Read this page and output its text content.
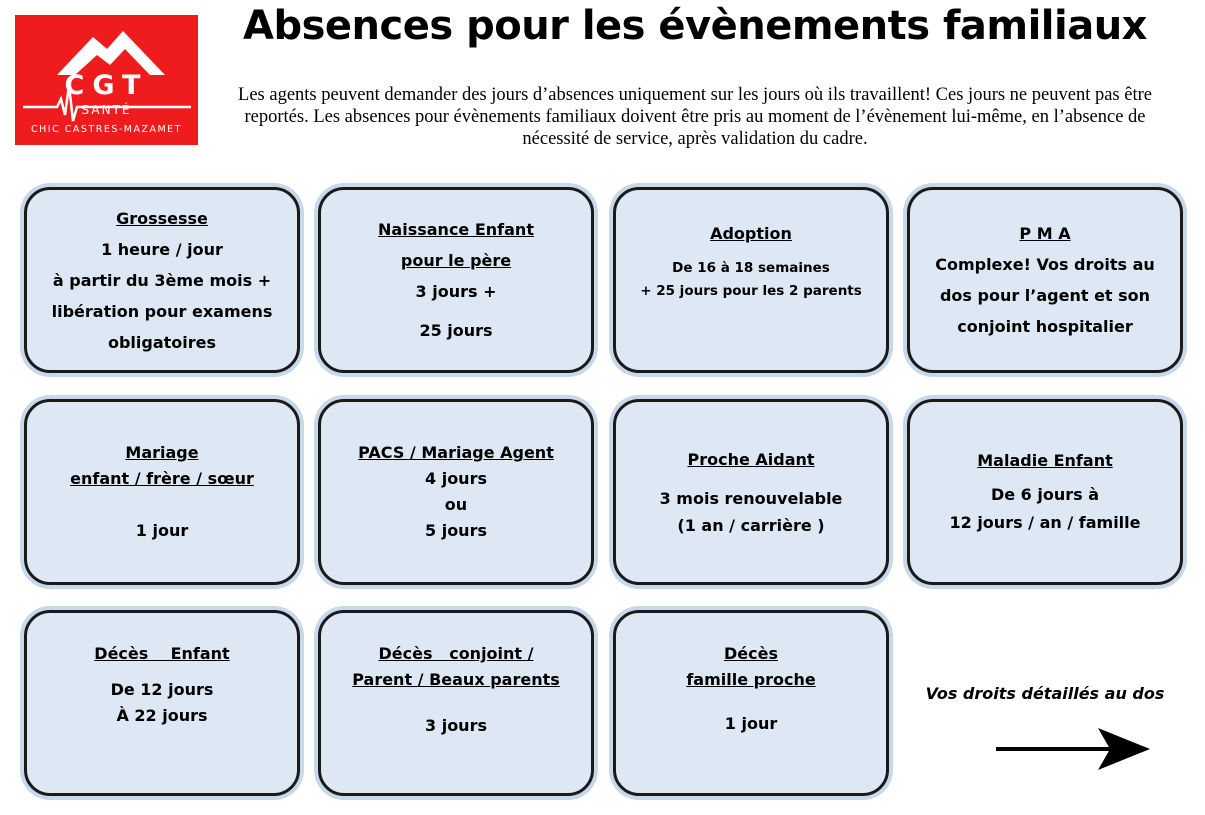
CGT
SANTÉ
CHIC CASTRES-MAZAMET
Absences pour les évènements familiaux

Les agents peuvent demander des jours d’absences uniquement sur les jours où ils travaillent! Ces jours ne peuvent pas être reportés. Les absences pour évènements familiaux doivent être pris au moment de l’évènement lui-même, en l’absence de nécessité de service, après validation du cadre.

Grossesse
1 heure / jour
à partir du 3ème mois +
libération pour examens
obligatoires
Naissance Enfant
pour le père
3 jours +
25 jours
Adoption
De 16 à 18 semaines
+ 25 jours pour les 2 parents
P M A
Complexe! Vos droits au
dos pour l’agent et son
conjoint hospitalier
Mariage
enfant / frère / sœur
1 jour
PACS / Mariage Agent
4 jours
ou
5 jours
Proche Aidant
3 mois renouvelable
(1 an / carrière )
Maladie Enfant
De 6 jours à
12 jours / an / famille
Décès    Enfant
De 12 jours
À 22 jours
Décès   conjoint /
Parent / Beaux parents
3 jours
Décès
famille proche
1 jour
Vos droits détaillés au dos
